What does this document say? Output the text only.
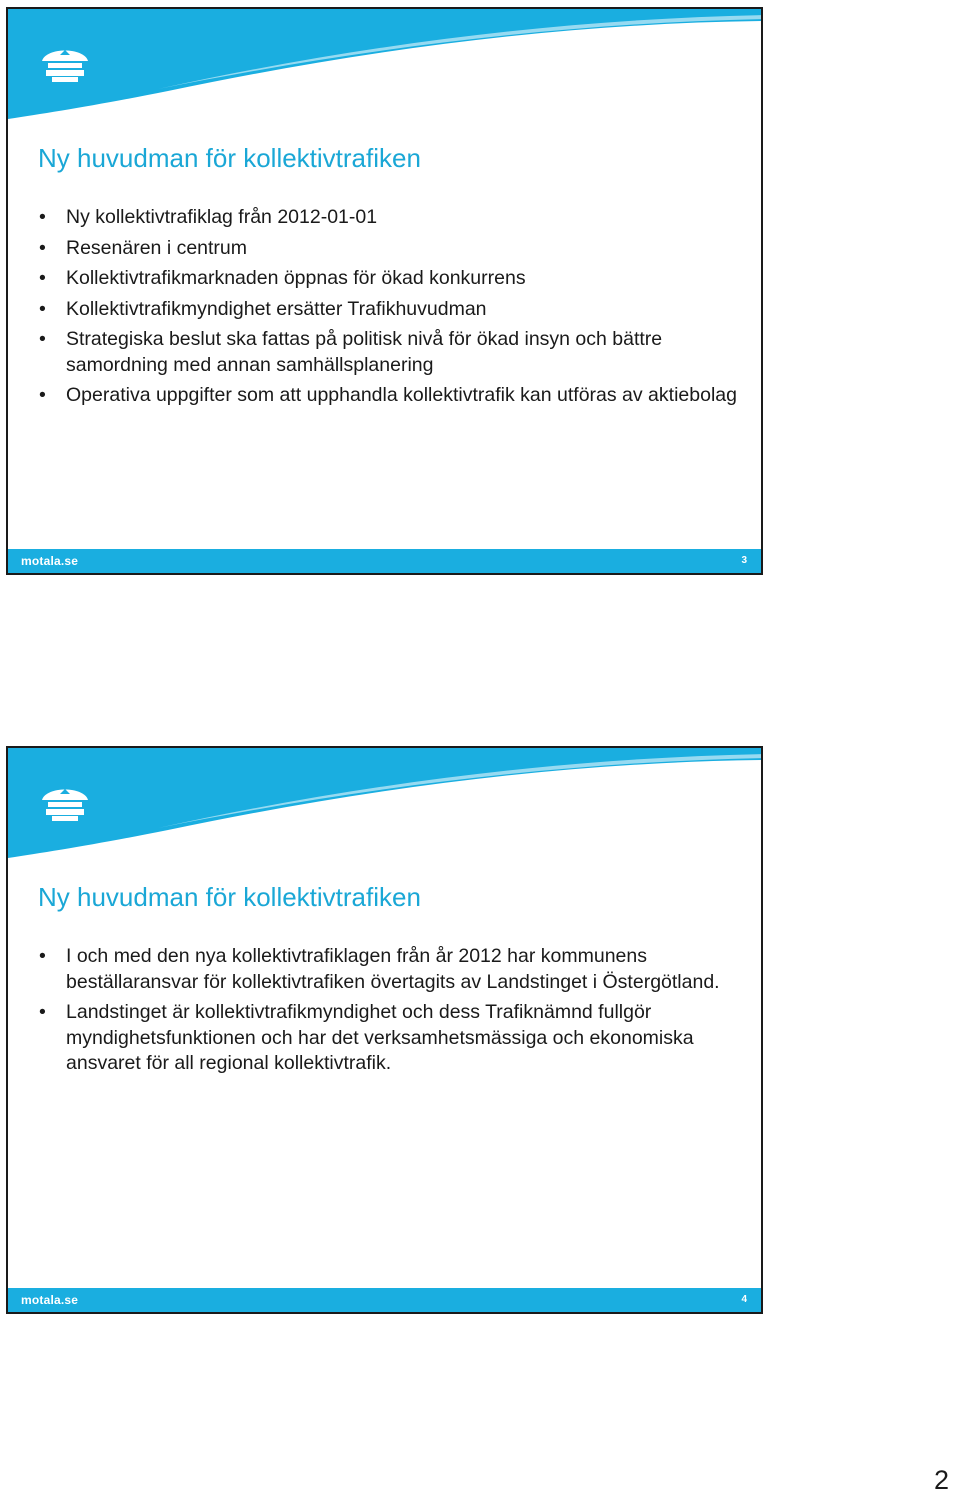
Ny huvudman för kollektivtrafiken
• Ny kollektivtrafiklag från 2012-01-01
• Resenären i centrum
• Kollektivtrafikmarknaden öppnas för ökad konkurrens
• Kollektivtrafikmyndighet ersätter Trafikhuvudman
• Strategiska beslut ska fattas på politisk nivå för ökad insyn och bättre samordning med annan samhällsplanering
• Operativa uppgifter som att upphandla kollektivtrafik kan utföras av aktiebolag
motala.se	3
Ny huvudman för kollektivtrafiken
• I och med den nya kollektivtrafiklagen från år 2012 har kommunens beställaransvar för kollektivtrafiken övertagits av Landstinget i Östergötland.
• Landstinget är kollektivtrafikmyndighet och dess Trafiknämnd fullgör myndighetsfunktionen och har det verksamhetsmässiga och ekonomiska ansvaret för all regional kollektivtrafik.
motala.se	4
2
